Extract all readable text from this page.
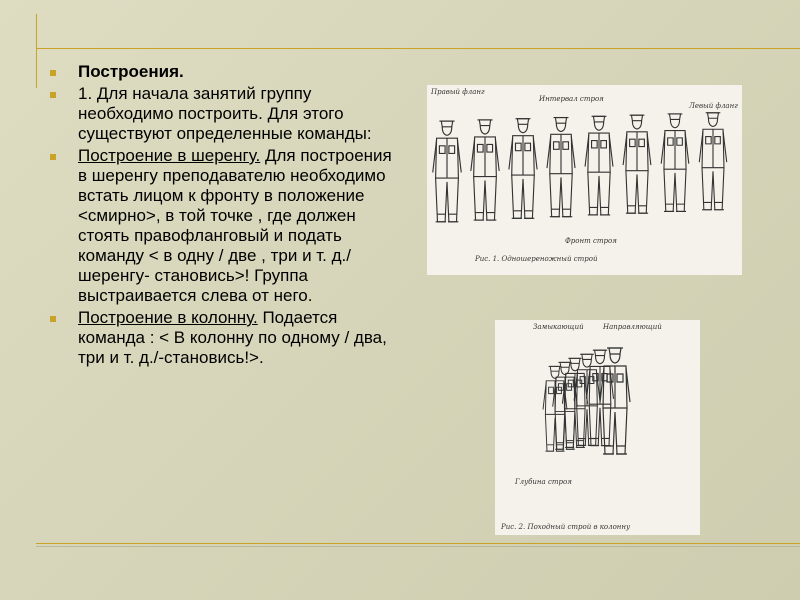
Построения.
1. Для начала занятий группу необходимо построить. Для этого существуют определенные команды:
Построение в шеренгу. Для построения в шеренгу преподавателю необходимо встать лицом к фронту в положение <смирно>, в той точке , где должен стоять правофланговый и подать команду < в одну / две , три и т. д./ шеренгу- становись>! Группа выстраивается слева от него.
Построение в колонну. Подается команда : < В колонну по одному / два, три и т. д./-становись!>.
Правый фланг
Интервал строя
Левый фланг
Фронт строя
Рис. 1. Одношереножный строй
Замыкающий	Направляющий
Глубина строя
Рис. 2. Походный строй в колонну
